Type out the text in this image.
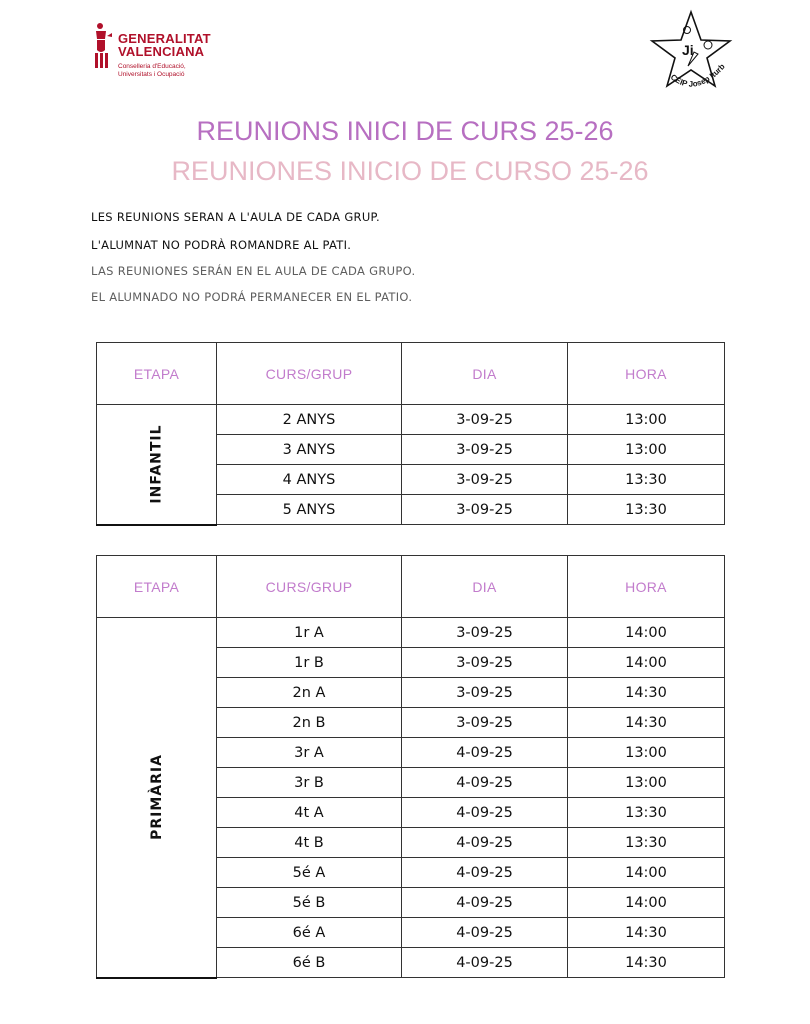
GENERALITAT
VALENCIANA
Conselleria d'Educació,
Universitats i Ocupació
Ji
CEIP Josep Iturb
REUNIONS INICI DE CURS 25-26
REUNIONES INICIO DE CURSO 25-26
LES REUNIONS SERAN A L'AULA DE CADA GRUP.
L'ALUMNAT NO PODRÀ ROMANDRE AL PATI.
LAS REUNIONES SERÁN EN EL AULA DE CADA GRUPO.
EL ALUMNADO NO PODRÁ PERMANECER EN EL PATIO.
ETAPA	CURS/GRUP	DIA	HORA
INFANTIL	2 ANYS	3-09-25	13:00
	3 ANYS	3-09-25	13:00
	4 ANYS	3-09-25	13:30
	5 ANYS	3-09-25	13:30
ETAPA	CURS/GRUP	DIA	HORA
PRIMÀRIA	1r A	3-09-25	14:00
	1r B	3-09-25	14:00
	2n A	3-09-25	14:30
	2n B	3-09-25	14:30
	3r A	4-09-25	13:00
	3r B	4-09-25	13:00
	4t A	4-09-25	13:30
	4t B	4-09-25	13:30
	5é A	4-09-25	14:00
	5é B	4-09-25	14:00
	6é A	4-09-25	14:30
	6é B	4-09-25	14:30
